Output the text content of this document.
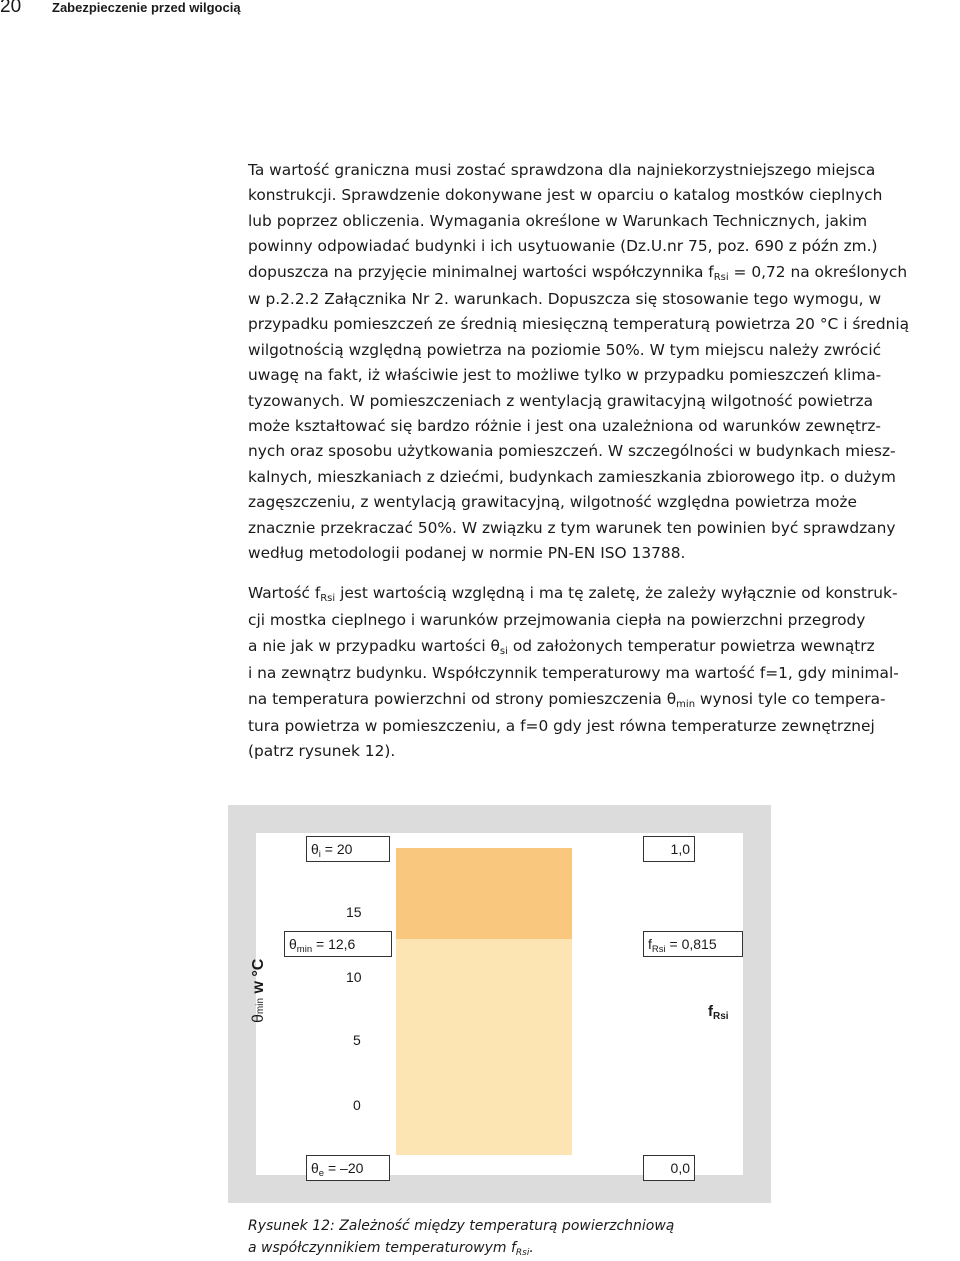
20 Zabezpieczenie przed wilgocią
Ta wartość graniczna musi zostać sprawdzona dla najniekorzystniejszego miejsca
konstrukcji. Sprawdzenie dokonywane jest w oparciu o katalog mostków cieplnych
lub poprzez obliczenia. Wymagania określone w Warunkach Technicznych, jakim
powinny odpowiadać budynki i ich usytuowanie (Dz.U.nr 75, poz. 690 z późn zm.)
dopuszcza na przyjęcie minimalnej wartości współczynnika fRsi = 0,72 na określonych
w p.2.2.2 Załącznika Nr 2. warunkach. Dopuszcza się stosowanie tego wymogu, w
przypadku pomieszczeń ze średnią miesięczną temperaturą powietrza 20 °C i średnią
wilgotnością względną powietrza na poziomie 50%. W tym miejscu należy zwrócić
uwagę na fakt, iż właściwie jest to możliwe tylko w przypadku pomieszczeń klima-
tyzowanych. W pomieszczeniach z wentylacją grawitacyjną wilgotność powietrza
może kształtować się bardzo różnie i jest ona uzależniona od warunków zewnętrz-
nych oraz sposobu użytkowania pomieszczeń. W szczególności w budynkach miesz-
kalnych, mieszkaniach z dziećmi, budynkach zamieszkania zbiorowego itp. o dużym
zagęszczeniu, z wentylacją grawitacyjną, wilgotność względna powietrza może
znacznie przekraczać 50%. W związku z tym warunek ten powinien być sprawdzany
według metodologii podanej w normie PN-EN ISO 13788.
Wartość fRsi jest wartością względną i ma tę zaletę, że zależy wyłącznie od konstruk-
cji mostka cieplnego i warunków przejmowania ciepła na powierzchni przegrody
a nie jak w przypadku wartości θsi od założonych temperatur powietrza wewnątrz
i na zewnątrz budynku. Współczynnik temperaturowy ma wartość f=1, gdy minimal-
na temperatura powierzchni od strony pomieszczenia θmin wynosi tyle co tempera-
tura powietrza w pomieszczeniu, a f=0 gdy jest równa temperaturze zewnętrznej
(patrz rysunek 12).
$\theta_i = 20$	1,0
15
$\theta_{min} = 12,6$	$f_{Rsi} = 0,815$
10
5
0
$\theta_e = -20$	0,0
θmin w °C
$f_{Rsi}$
Rysunek 12: Zależność między temperaturą powierzchniową
a współczynnikiem temperaturowym $f_{Rsi}$.
